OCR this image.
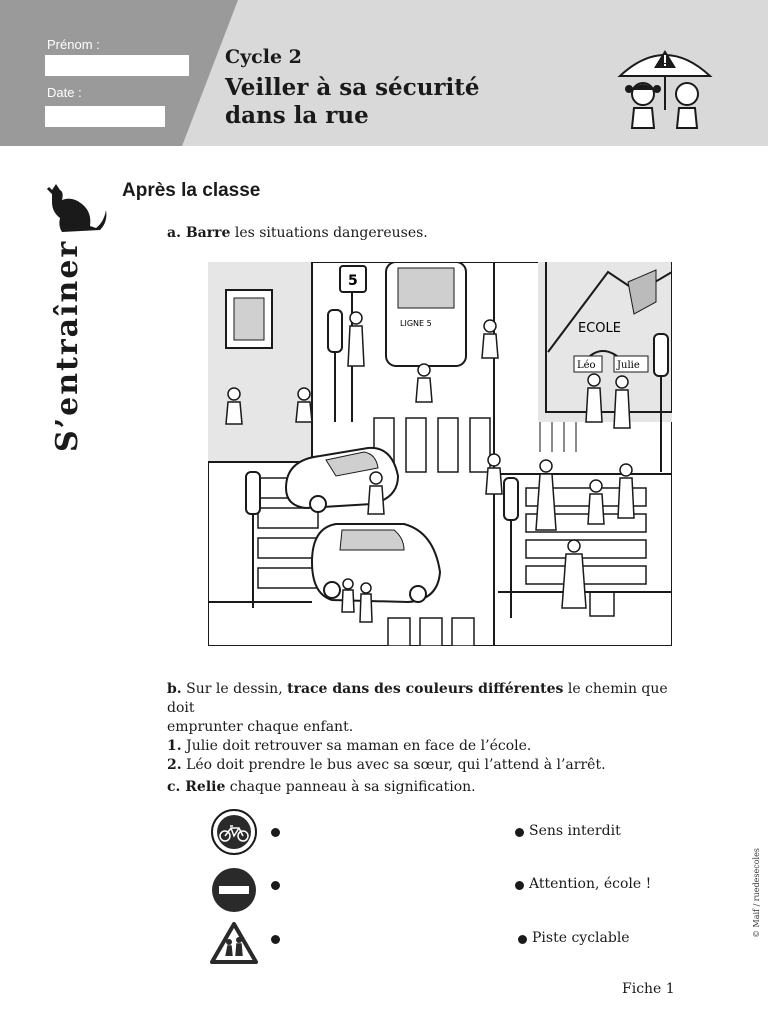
Prénom :
Date :
Cycle 2
Veiller à sa sécurité
dans la rue
S’entraîner
Après la classe
a. Barre les situations dangereuses.
ECOLE
Léo Julie
5
LIGNE 5
b. Sur le dessin, trace dans des couleurs différentes le chemin que doit
emprunter chaque enfant.
1. Julie doit retrouver sa maman en face de l’école.
2. Léo doit prendre le bus avec sa sœur, qui l’attend à l’arrêt.
c. Relie chaque panneau à sa signification.
Sens interdit
Attention, école !
Piste cyclable	© Maif / ruedesecoles
Fiche 1
